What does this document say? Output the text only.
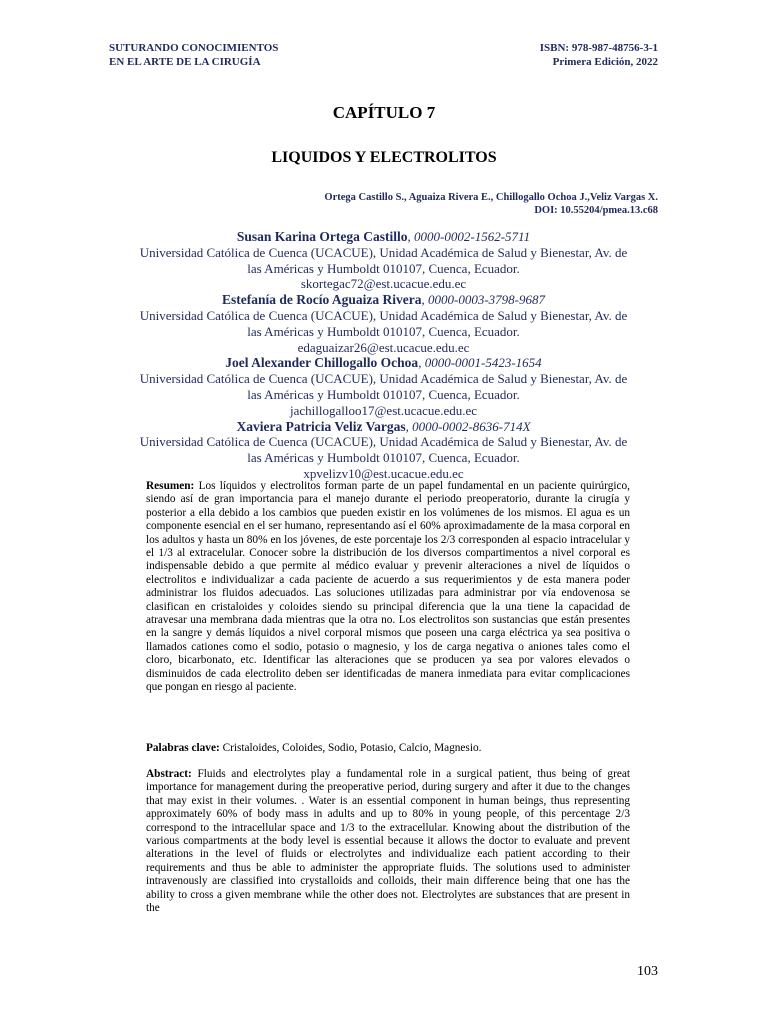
SUTURANDO CONOCIMIENTOS
EN EL ARTE DE LA CIRUGÍA
ISBN: 978-987-48756-3-1
Primera Edición, 2022
CAPÍTULO 7
LIQUIDOS Y ELECTROLITOS
Ortega Castillo S., Aguaiza Rivera E., Chillogallo Ochoa J.,Veliz Vargas X.
DOI: 10.55204/pmea.13.c68
Susan Karina Ortega Castillo, 0000-0002-1562-5711
Universidad Católica de Cuenca (UCACUE), Unidad Académica de Salud y Bienestar, Av. de
las Américas y Humboldt 010107, Cuenca, Ecuador.
skortegac72@est.ucacue.edu.ec
Estefanía de Rocío Aguaiza Rivera, 0000-0003-3798-9687
Universidad Católica de Cuenca (UCACUE), Unidad Académica de Salud y Bienestar, Av. de
las Américas y Humboldt 010107, Cuenca, Ecuador.
edaguaizar26@est.ucacue.edu.ec
Joel Alexander Chillogallo Ochoa, 0000-0001-5423-1654
Universidad Católica de Cuenca (UCACUE), Unidad Académica de Salud y Bienestar, Av. de
las Américas y Humboldt 010107, Cuenca, Ecuador.
jachillogalloo17@est.ucacue.edu.ec
Xaviera Patricia Veliz Vargas, 0000-0002-8636-714X
Universidad Católica de Cuenca (UCACUE), Unidad Académica de Salud y Bienestar, Av. de
las Américas y Humboldt 010107, Cuenca, Ecuador.
xpvelizv10@est.ucacue.edu.ec
Resumen: Los líquidos y electrolitos forman parte de un papel fundamental en un paciente quirúrgico, siendo así de gran importancia para el manejo durante el periodo preoperatorio, durante la cirugía y posterior a ella debido a los cambios que pueden existir en los volúmenes de los mismos. El agua es un componente esencial en el ser humano, representando así el 60% aproximadamente de la masa corporal en los adultos y hasta un 80% en los jóvenes, de este porcentaje los 2/3 corresponden al espacio intracelular y el 1/3 al extracelular. Conocer sobre la distribución de los diversos compartimentos a nivel corporal es indispensable debido a que permite al médico evaluar y prevenir alteraciones a nivel de líquidos o electrolitos e individualizar a cada paciente de acuerdo a sus requerimientos y de esta manera poder administrar los fluidos adecuados. Las soluciones utilizadas para administrar por vía endovenosa se clasifican en cristaloides y coloides siendo su principal diferencia que la una tiene la capacidad de atravesar una membrana dada mientras que la otra no. Los electrolitos son sustancias que están presentes en la sangre y demás líquidos a nivel corporal mismos que poseen una carga eléctrica ya sea positiva o llamados cationes como el sodio, potasio o magnesio, y los de carga negativa o aniones tales como el cloro, bicarbonato, etc. Identificar las alteraciones que se producen ya sea por valores elevados o disminuidos de cada electrolito deben ser identificadas de manera inmediata para evitar complicaciones que pongan en riesgo al paciente.
Palabras clave: Cristaloides, Coloides, Sodio, Potasio, Calcio, Magnesio.
Abstract: Fluids and electrolytes play a fundamental role in a surgical patient, thus being of great importance for management during the preoperative period, during surgery and after it due to the changes that may exist in their volumes. . Water is an essential component in human beings, thus representing approximately 60% of body mass in adults and up to 80% in young people, of this percentage 2/3 correspond to the intracellular space and 1/3 to the extracellular. Knowing about the distribution of the various compartments at the body level is essential because it allows the doctor to evaluate and prevent alterations in the level of fluids or electrolytes and individualize each patient according to their requirements and thus be able to administer the appropriate fluids. The solutions used to administer intravenously are classified into crystalloids and colloids, their main difference being that one has the ability to cross a given membrane while the other does not. Electrolytes are substances that are present in the
103
